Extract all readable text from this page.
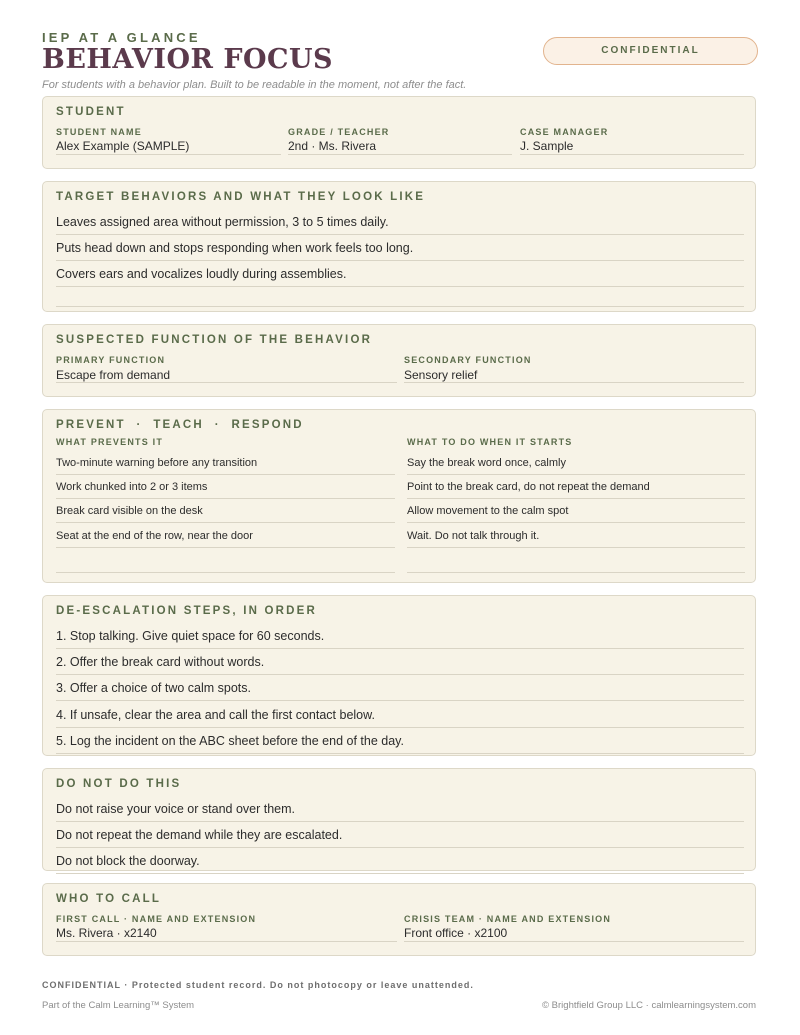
IEP AT A GLANCE
BEHAVIOR FOCUS
For students with a behavior plan. Built to be readable in the moment, not after the fact.
CONFIDENTIAL
STUDENT
STUDENT NAME
Alex Example (SAMPLE)
GRADE / TEACHER
2nd · Ms. Rivera
CASE MANAGER
J. Sample
TARGET BEHAVIORS AND WHAT THEY LOOK LIKE
Leaves assigned area without permission, 3 to 5 times daily.
Puts head down and stops responding when work feels too long.
Covers ears and vocalizes loudly during assemblies.
SUSPECTED FUNCTION OF THE BEHAVIOR
PRIMARY FUNCTION
Escape from demand
SECONDARY FUNCTION
Sensory relief
PREVENT  ·  TEACH  ·  RESPOND
WHAT PREVENTS IT	WHAT TO DO WHEN IT STARTS
Two-minute warning before any transition
Work chunked into 2 or 3 items
Break card visible on the desk
Seat at the end of the row, near the door
Say the break word once, calmly
Point to the break card, do not repeat the demand
Allow movement to the calm spot
Wait. Do not talk through it.
DE-ESCALATION STEPS, IN ORDER
1. Stop talking. Give quiet space for 60 seconds.
2. Offer the break card without words.
3. Offer a choice of two calm spots.
4. If unsafe, clear the area and call the first contact below.
5. Log the incident on the ABC sheet before the end of the day.
DO NOT DO THIS
Do not raise your voice or stand over them.
Do not repeat the demand while they are escalated.
Do not block the doorway.
WHO TO CALL
FIRST CALL · NAME AND EXTENSION
Ms. Rivera · x2140
CRISIS TEAM · NAME AND EXTENSION
Front office · x2100
CONFIDENTIAL · Protected student record. Do not photocopy or leave unattended.
Part of the Calm Learning™ System	© Brightfield Group LLC · calmlearningsystem.com
